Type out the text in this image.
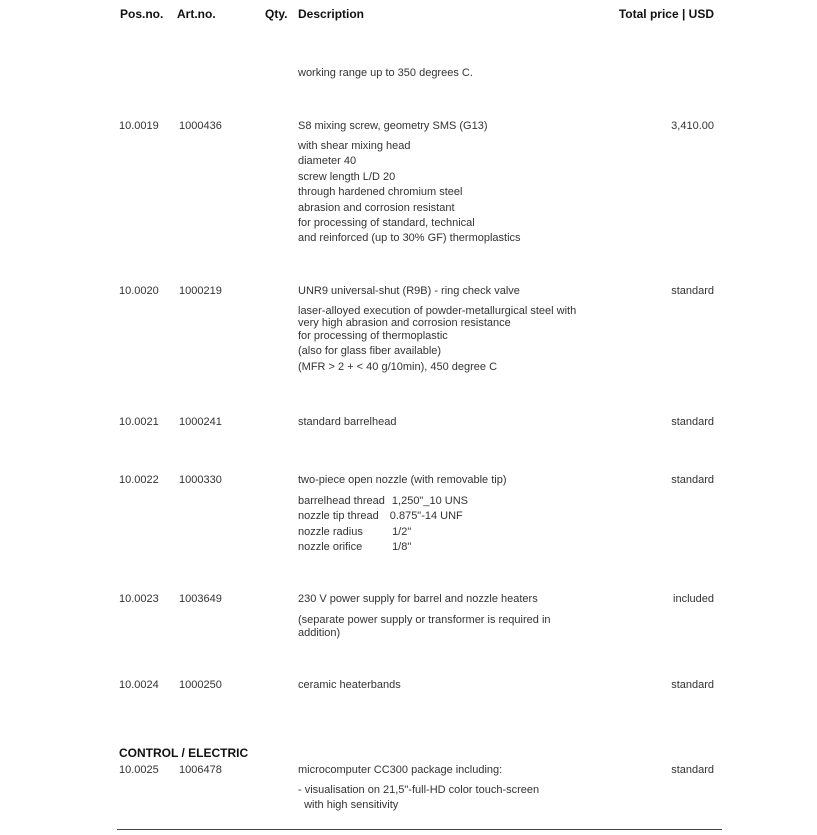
Pos.no. Art.no.	Qty. Description	Total price | USD
working range up to 350 degrees C.
10.0019 1000436	S8 mixing screw, geometry SMS (G13)	3,410.00
with shear mixing head
diameter 40
screw length L/D 20
through hardened chromium steel
abrasion and corrosion resistant
for processing of standard, technical
and reinforced (up to 30% GF) thermoplastics
10.0020 1000219	UNR9 universal-shut (R9B) - ring check valve	standard
laser-alloyed execution of powder-metallurgical steel with
very high abrasion and corrosion resistance
for processing of thermoplastic
(also for glass fiber available)
(MFR > 2 + < 40 g/10min), 450 degree C
10.0021 1000241	standard barrelhead	standard
10.0022 1000330	two-piece open nozzle (with removable tip)	standard
barrelhead thread 1,250"_10 UNS
nozzle tip thread 0.875"-14 UNF
nozzle radius	1/2"
nozzle orifice	1/8"
10.0023 1003649	230 V power supply for barrel and nozzle heaters	included
(separate power supply or transformer is required in
addition)
10.0024 1000250	ceramic heaterbands	standard
CONTROL / ELECTRIC
10.0025 1006478	microcomputer CC300 package including:	standard
- visualisation on 21,5"-full-HD color touch-screen
with high sensitivity
